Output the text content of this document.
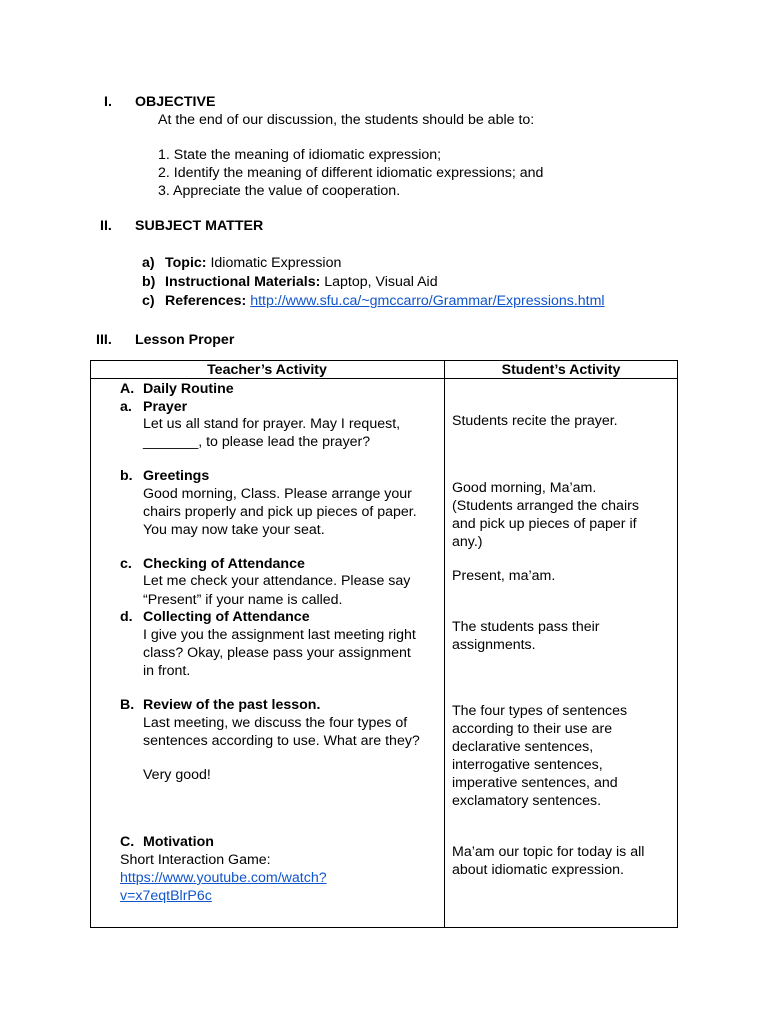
I. OBJECTIVE
At the end of our discussion, the students should be able to:
1. State the meaning of idiomatic expression;
2. Identify the meaning of different idiomatic expressions; and
3. Appreciate the value of cooperation.
II. SUBJECT MATTER
a) Topic: Idiomatic Expression
b) Instructional Materials: Laptop, Visual Aid
c) References: http://www.sfu.ca/~gmccarro/Grammar/Expressions.html
III. Lesson Proper
Teacher’s Activity	Student’s Activity
A. Daily Routine
a. Prayer
Let us all stand for prayer. May I request,
_______, to please lead the prayer?
b. Greetings
Good morning, Class. Please arrange your
chairs properly and pick up pieces of paper.
You may now take your seat.
c. Checking of Attendance
Let me check your attendance. Please say
“Present” if your name is called.
d. Collecting of Attendance
I give you the assignment last meeting right
class? Okay, please pass your assignment
in front.
B. Review of the past lesson.
Last meeting, we discuss the four types of
sentences according to use. What are they?
Very good!
C. Motivation
Short Interaction Game:
https://www.youtube.com/watch?
v=x7eqtBlrP6c
Students recite the prayer.
Good morning, Ma’am.
(Students arranged the chairs
and pick up pieces of paper if
any.)
Present, ma’am.
The students pass their
assignments.
The four types of sentences
according to their use are
declarative sentences,
interrogative sentences,
imperative sentences, and
exclamatory sentences.
Ma’am our topic for today is all
about idiomatic expression.
